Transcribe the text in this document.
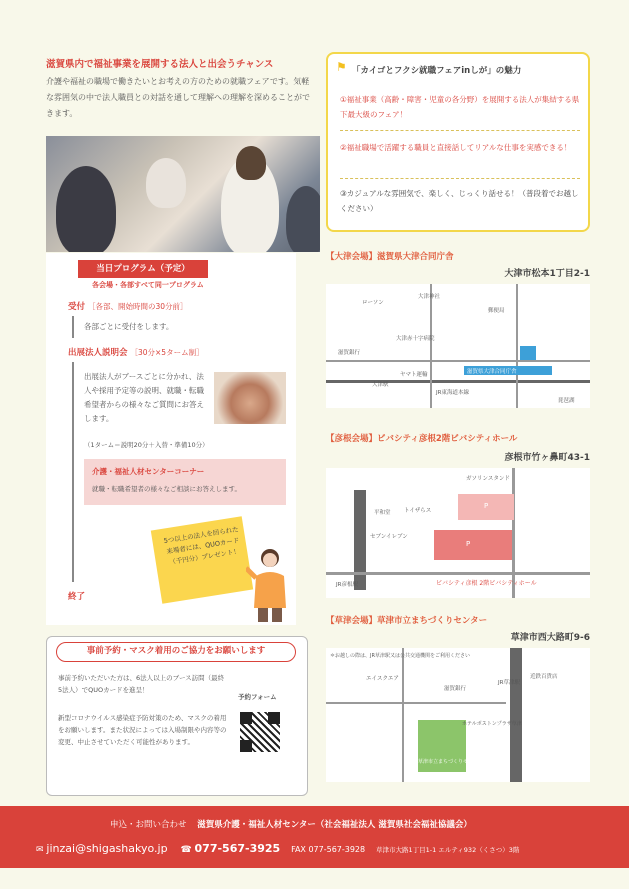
滋賀県内で福祉事業を展開する法人と出会うチャンス
介護や福祉の職場で働きたいとお考えの方のための就職フェアです。気軽な雰囲気の中で法人職員との対話を通して理解への理解を深めることができます。
当日プログラム（予定）
各会場・各部すべて同一プログラム
受付 ［各部、開始時間の30分前］
各部ごとに受付をします。
出展法人説明会 ［30分×5ターム制］
出展法人がブースごとに分かれ、法人や採用予定等の説明、就職・転職希望者からの様々なご質問にお答えします。
（1ターム＝説明20分＋入替・準備10分）
介護・福祉人材センターコーナー
就職・転職希望者の様々なご相談にお答えします。
5つ以上の法人を回られた来場者には、QUOカード（千円分）プレゼント！
終了
事前予約・マスク着用のご協力をお願いします
事前予約いただいた方は、6法人以上のブース訪問（最終5法人）でQUOカードを進呈！
新型コロナウイルス感染症予防対策のため、マスクの着用をお願いします。また状況によっては入場制限や内容等の変更、中止させていただく可能性があります。
予約フォーム
⚑ 「カイゴとフクシ就職フェアinしが」の魅力
①福祉事業（高齢・障害・児童の各分野）を展開する法人が集結する県下最大級のフェア！
②福祉職場で活躍する職員と直接話してリアルな仕事を実感できる！
③カジュアルな雰囲気で、楽しく、じっくり話せる！（普段着でお越しください）
【大津会場】滋賀県大津合同庁舎
大津市松本1丁目2-1
ローソン
大津神社
郵便局
大津赤十字病院
滋賀銀行
滋賀県大津合同庁舎
ヤマト運輸
JR東海道本線
大津駅
琵琶湖
【彦根会場】ビバシティ彦根2階ビバシティホール
彦根市竹ヶ鼻町43-1
ガソリンスタンド
平和堂 トイザらス
セブンイレブン
JR彦根駅	ビバシティ彦根 2階ビバシティホール
P
P
【草津会場】草津市立まちづくりセンター
草津市西大路町9-6
＊お越しの際は、JR草津駅又は公共交通機関をご利用ください
草津市立まちづくりセンター
エイスクエア
滋賀銀行
近鉄百貨店
ホテルボストンプラザ草津
JR草津駅
申込・お問い合わせ 滋賀県介護・福祉人材センター（社会福祉法人 滋賀県社会福祉協議会）
✉ jinzai@shigashakyo.jp ☎ 077-567-3925 FAX 077-567-3928 草津市大路1丁目1-1 エルティ932（くさつ）3階
